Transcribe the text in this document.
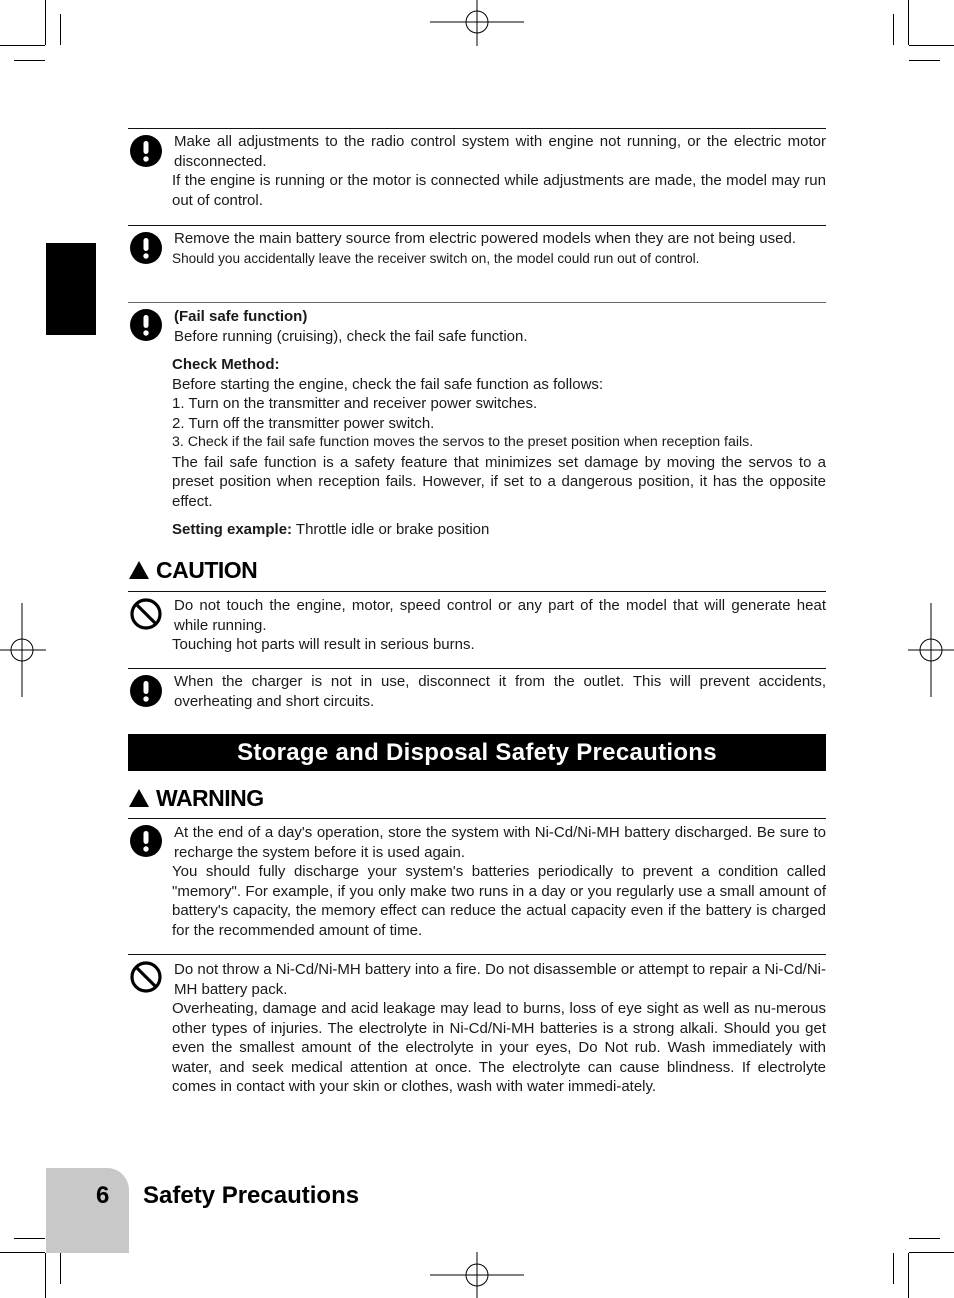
Make all adjustments to the radio control system with engine not running, or the electric motor disconnected.

If the engine is running or the motor is connected while adjustments are made, the model may run out of control.

Remove the main battery source from electric powered models when they are not being used.

Should you accidentally leave the receiver switch on, the model could run out of control.

(Fail safe function)

Before running (cruising), check the fail safe function.

Check Method:

Before starting the engine, check the fail safe function as follows:

1. Turn on the transmitter and receiver power switches.

2. Turn off the transmitter power switch.

3. Check if the fail safe function moves the servos to the preset position when reception fails.

The fail safe function is a safety feature that minimizes set damage by moving the servos to a preset position when reception fails. However, if set to a dangerous position, it has the opposite effect.

Setting example: Throttle idle or brake position

CAUTION

Do not touch the engine, motor, speed control or any part of the model that will generate heat while running.

Touching hot parts will result in serious burns.

When the charger is not in use, disconnect it from the outlet. This will prevent accidents, overheating and short circuits.

Storage and Disposal Safety Precautions
WARNING

At the end of a day's operation, store the system with Ni-Cd/Ni-MH battery discharged. Be sure to recharge the system before it is used again.

You should fully discharge your system's batteries periodically to prevent a condition called "memory". For example, if you only make two runs in a day or you regularly use a small amount of battery's capacity, the memory effect can reduce the actual capacity even if the battery is charged for the recommended amount of time.

Do not throw a Ni-Cd/Ni-MH battery into a fire. Do not disassemble or attempt to repair a Ni-Cd/Ni-MH battery pack.

Overheating, damage and acid leakage may lead to burns, loss of eye sight as well as nu-merous other types of injuries. The electrolyte in Ni-Cd/Ni-MH batteries is a strong alkali. Should you get even the smallest amount of the electrolyte in your eyes, Do Not rub. Wash immediately with water, and seek medical attention at once. The electrolyte can cause blindness. If electrolyte comes in contact with your skin or clothes, wash with water immedi-ately.

6 Safety Precautions
